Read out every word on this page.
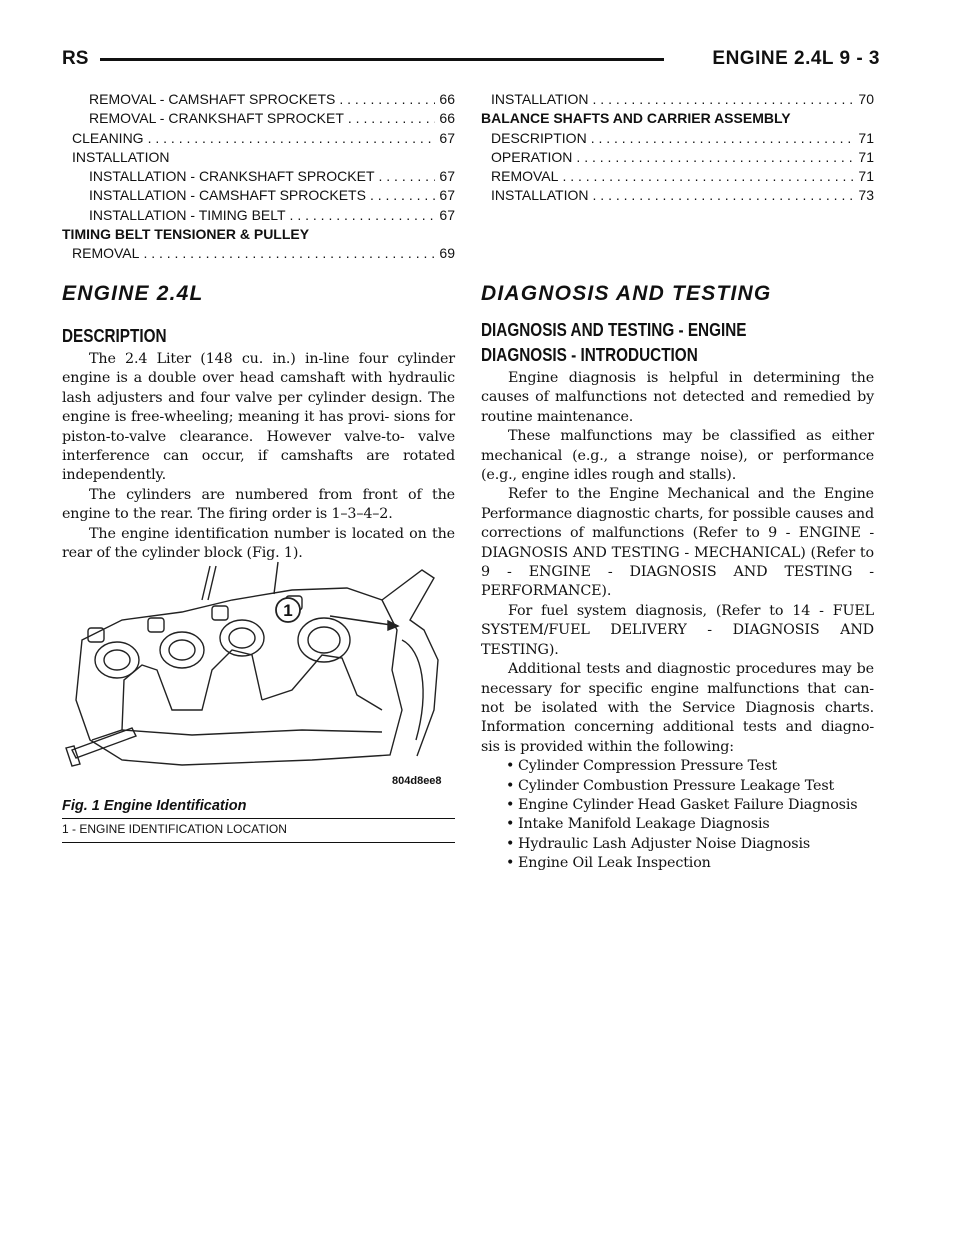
RS	ENGINE 2.4L 9 - 3
REMOVAL - CAMSHAFT SPROCKETS . . .	66
REMOVAL - CRANKSHAFT SPROCKET . . .	66
CLEANING . . .	67
INSTALLATION
INSTALLATION - CRANKSHAFT SPROCKET . . .	67
INSTALLATION - CAMSHAFT SPROCKETS . . .	67
INSTALLATION - TIMING BELT . . .	67
TIMING BELT TENSIONER & PULLEY
REMOVAL . . .	69
INSTALLATION . . .	70
BALANCE SHAFTS AND CARRIER ASSEMBLY
DESCRIPTION . . .	71
OPERATION . . .	71
REMOVAL . . .	71
INSTALLATION . . .	73
ENGINE 2.4L
DESCRIPTION

The 2.4 Liter (148 cu. in.) in-line four cylinder engine is a double over head camshaft with hydraulic lash adjusters and four valve per cylinder design. The engine is free-wheeling; meaning it has provi- sions for piston-to-valve clearance. However valve-to- valve interference can occur, if camshafts are rotated independently.

The cylinders are numbered from front of the engine to the rear. The firing order is 1–3–4–2.

The engine identification number is located on the rear of the cylinder block (Fig. 1).

1
804d8ee8
Fig. 1 Engine Identification
1 - ENGINE IDENTIFICATION LOCATION
DIAGNOSIS AND TESTING
DIAGNOSIS AND TESTING - ENGINE
DIAGNOSIS - INTRODUCTION

Engine diagnosis is helpful in determining the causes of malfunctions not detected and remedied by routine maintenance.

These malfunctions may be classified as either mechanical (e.g., a strange noise), or performance (e.g., engine idles rough and stalls).

Refer to the Engine Mechanical and the Engine Performance diagnostic charts, for possible causes and corrections of malfunctions (Refer to 9 - ENGINE - DIAGNOSIS AND TESTING - MECHANICAL) (Refer to 9 - ENGINE - DIAGNOSIS AND TESTING - PERFORMANCE).

For fuel system diagnosis, (Refer to 14 - FUEL SYSTEM/FUEL DELIVERY - DIAGNOSIS AND TESTING).

Additional tests and diagnostic procedures may be necessary for specific engine malfunctions that can- not be isolated with the Service Diagnosis charts. Information concerning additional tests and diagno- sis is provided within the following:

• Cylinder Compression Pressure Test
• Cylinder Combustion Pressure Leakage Test
• Engine Cylinder Head Gasket Failure Diagnosis
• Intake Manifold Leakage Diagnosis
• Hydraulic Lash Adjuster Noise Diagnosis
• Engine Oil Leak Inspection
